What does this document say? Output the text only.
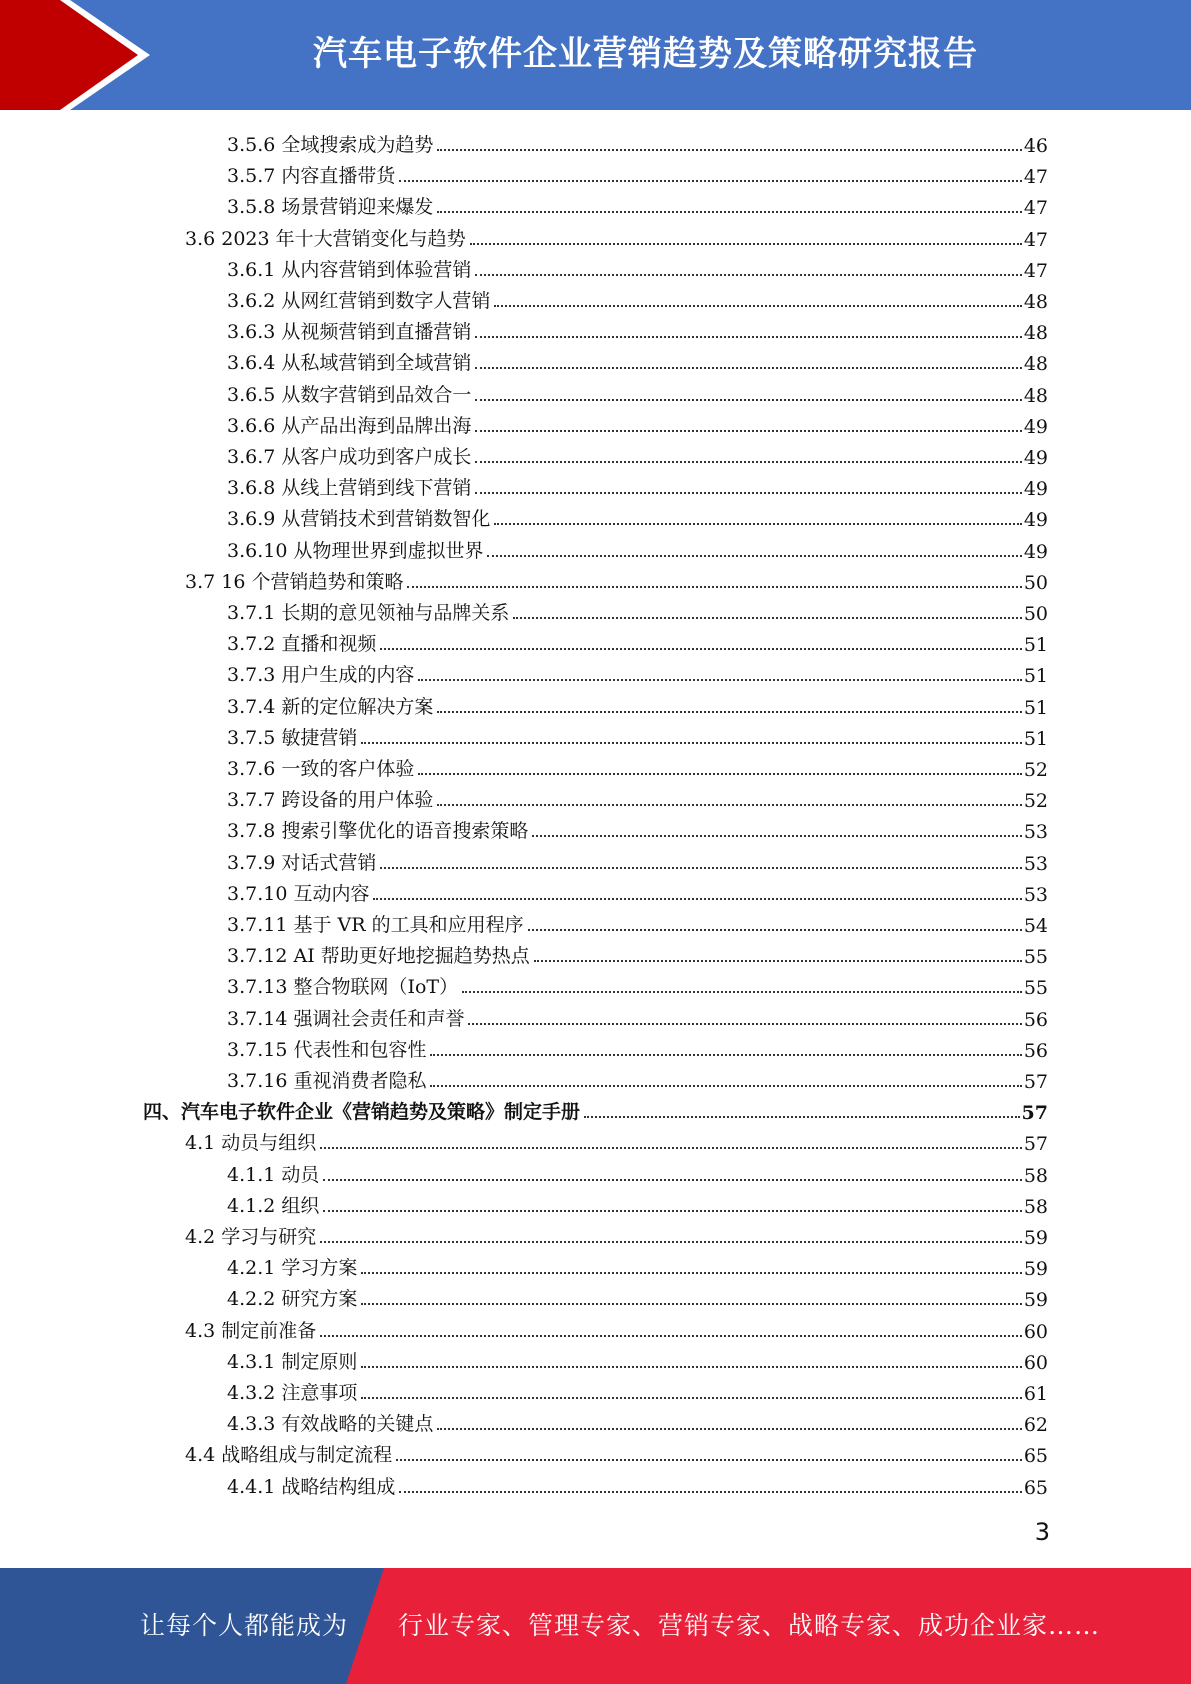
汽车电子软件企业营销趋势及策略研究报告
3.5.6 全域搜索成为趋势	46
3.5.7 内容直播带货	47
3.5.8 场景营销迎来爆发	47
3.6 2023 年十大营销变化与趋势	47
3.6.1 从内容营销到体验营销	47
3.6.2 从网红营销到数字人营销	48
3.6.3 从视频营销到直播营销	48
3.6.4 从私域营销到全域营销	48
3.6.5 从数字营销到品效合一	48
3.6.6 从产品出海到品牌出海	49
3.6.7 从客户成功到客户成长	49
3.6.8 从线上营销到线下营销	49
3.6.9 从营销技术到营销数智化	49
3.6.10 从物理世界到虚拟世界	49
3.7 16 个营销趋势和策略	50
3.7.1 长期的意见领袖与品牌关系	50
3.7.2 直播和视频	51
3.7.3 用户生成的内容	51
3.7.4 新的定位解决方案	51
3.7.5 敏捷营销	51
3.7.6 一致的客户体验	52
3.7.7 跨设备的用户体验	52
3.7.8 搜索引擎优化的语音搜索策略	53
3.7.9 对话式营销	53
3.7.10 互动内容	53
3.7.11 基于 VR 的工具和应用程序	54
3.7.12 AI 帮助更好地挖掘趋势热点	55
3.7.13 整合物联网（IoT）	55
3.7.14 强调社会责任和声誉	56
3.7.15 代表性和包容性	56
3.7.16 重视消费者隐私	57
四、汽车电子软件企业《营销趋势及策略》制定手册	57
4.1 动员与组织	57
4.1.1 动员	58
4.1.2 组织	58
4.2 学习与研究	59
4.2.1 学习方案	59
4.2.2 研究方案	59
4.3 制定前准备	60
4.3.1 制定原则	60
4.3.2 注意事项	61
4.3.3 有效战略的关键点	62
4.4 战略组成与制定流程	65
4.4.1 战略结构组成	65
3
让每个人都能成为 行业专家、管理专家、营销专家、战略专家、成功企业家……
